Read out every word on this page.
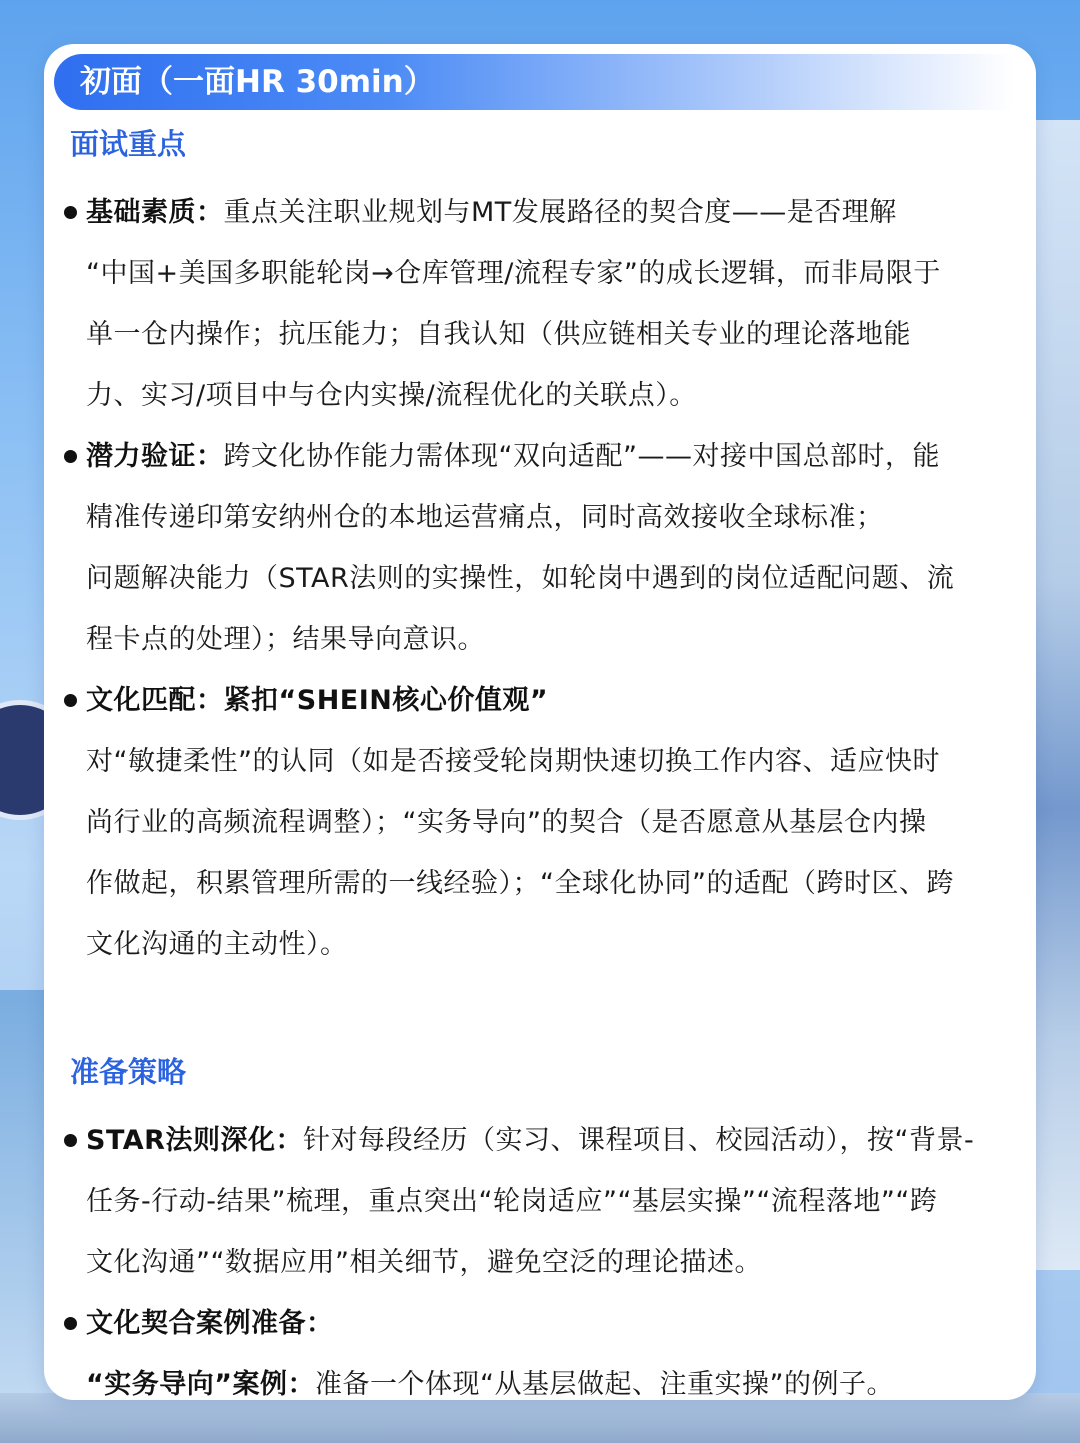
初面（一面HR 30min）
面试重点
基础素质：重点关注职业规划与MT发展路径的契合度——是否理解
“中国+美国多职能轮岗→仓库管理/流程专家”的成长逻辑，而非局限于
单一仓内操作；抗压能力；自我认知（供应链相关专业的理论落地能
力、实习/项目中与仓内实操/流程优化的关联点）。
潜力验证：跨文化协作能力需体现“双向适配”——对接中国总部时，能
精准传递印第安纳州仓的本地运营痛点，同时高效接收全球标准；
问题解决能力（STAR法则的实操性，如轮岗中遇到的岗位适配问题、流
程卡点的处理）；结果导向意识。
文化匹配：紧扣“SHEIN核心价值观”
对“敏捷柔性”的认同（如是否接受轮岗期快速切换工作内容、适应快时
尚行业的高频流程调整）；“实务导向”的契合（是否愿意从基层仓内操
作做起，积累管理所需的一线经验）；“全球化协同”的适配（跨时区、跨
文化沟通的主动性）。
准备策略
STAR法则深化：针对每段经历（实习、课程项目、校园活动），按“背景-
任务-行动-结果”梳理，重点突出“轮岗适应”“基层实操”“流程落地”“跨
文化沟通”“数据应用”相关细节，避免空泛的理论描述。
文化契合案例准备：
“实务导向”案例：准备一个体现“从基层做起、注重实操”的例子。
